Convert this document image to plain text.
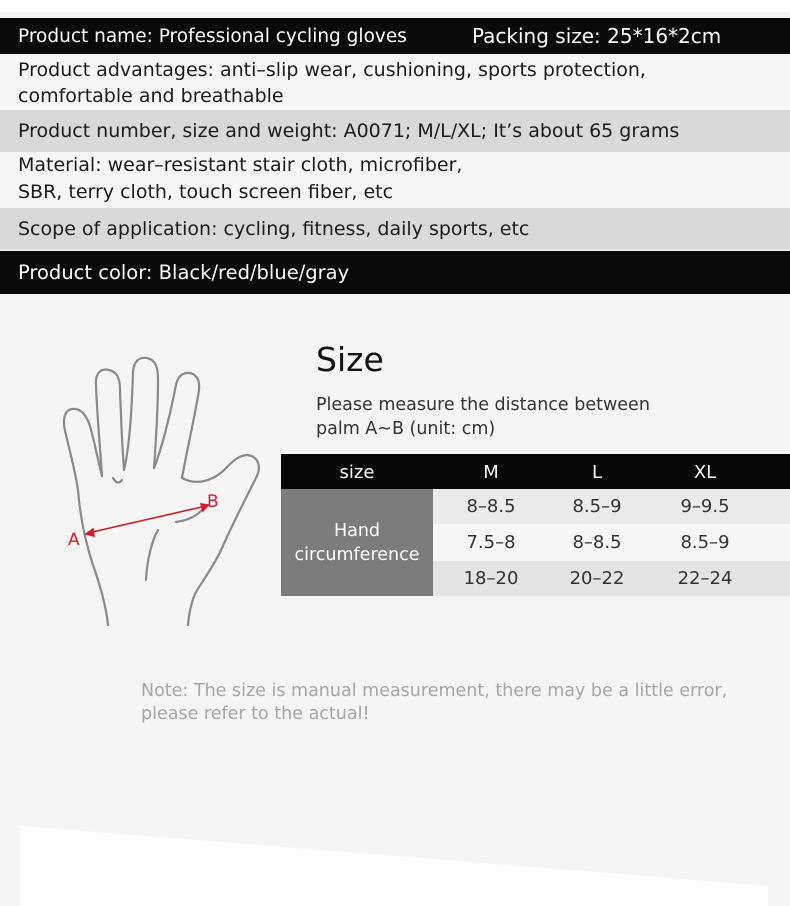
Product name: Professional cycling gloves	Packing size: 25*16*2cm
Product advantages: anti–slip wear, cushioning, sports protection,
comfortable and breathable
Product number, size and weight: A0071; M/L/XL; It’s about 65 grams
Material: wear–resistant stair cloth, microfiber,
SBR, terry cloth, touch screen fiber, etc
Scope of application: cycling, fitness, daily sports, etc
Product color: Black/red/blue/gray
A
B
Size
Please measure the distance between
palm A~B (unit: cm)
size	M	L	XL
Hand
circumference
8–8.5	8.5–9	9–9.5
7.5–8	8–8.5	8.5–9
18–20	20–22	22–24
Note: The size is manual measurement, there may be a little error,
please refer to the actual!
